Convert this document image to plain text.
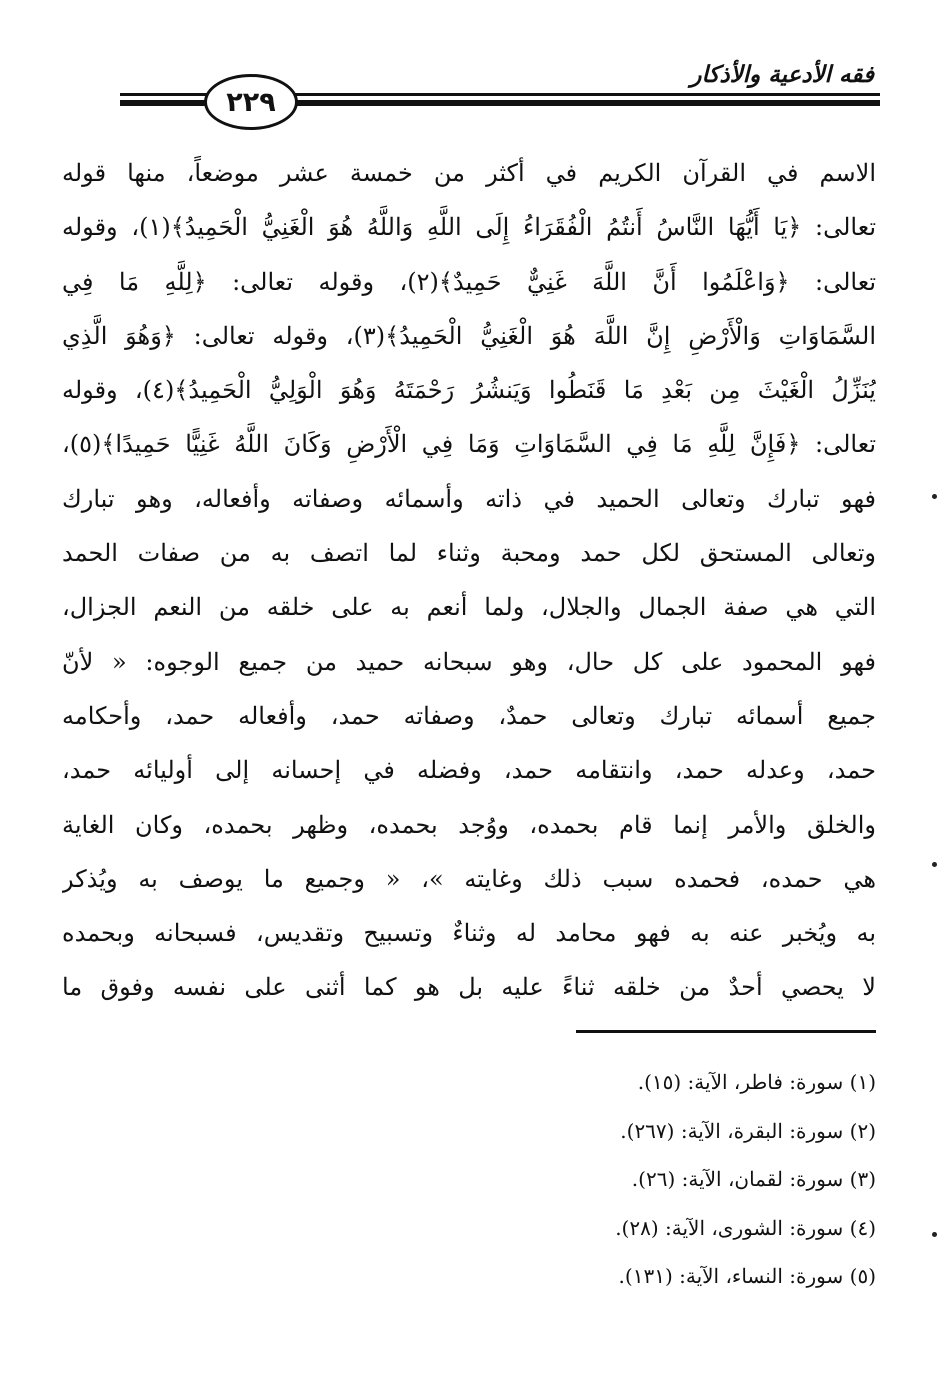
فقه الأدعية والأذكار
٢٢٩
الاسم في القرآن الكريم في أكثر من خمسة عشر موضعاً، منها قوله
تعالى: ﴿يَا أَيُّهَا النَّاسُ أَنتُمُ الْفُقَرَاءُ إِلَى اللَّهِ وَاللَّهُ هُوَ الْغَنِيُّ الْحَمِيدُ﴾(١)، وقوله
تعالى: ﴿وَاعْلَمُوا أَنَّ اللَّهَ غَنِيٌّ حَمِيدٌ﴾(٢)، وقوله تعالى: ﴿لِلَّهِ مَا فِي
السَّمَاوَاتِ وَالْأَرْضِ إِنَّ اللَّهَ هُوَ الْغَنِيُّ الْحَمِيدُ﴾(٣)، وقوله تعالى: ﴿وَهُوَ الَّذِي
يُنَزِّلُ الْغَيْثَ مِن بَعْدِ مَا قَنَطُوا وَيَنشُرُ رَحْمَتَهُ وَهُوَ الْوَلِيُّ الْحَمِيدُ﴾(٤)، وقوله
تعالى: ﴿فَإِنَّ لِلَّهِ مَا فِي السَّمَاوَاتِ وَمَا فِي الْأَرْضِ وَكَانَ اللَّهُ غَنِيًّا حَمِيدًا﴾(٥)،
فهو تبارك وتعالى الحميد في ذاته وأسمائه وصفاته وأفعاله، وهو تبارك
وتعالى المستحق لكل حمد ومحبة وثناء لما اتصف به من صفات الحمد
التي هي صفة الجمال والجلال، ولما أنعم به على خلقه من النعم الجزال،
فهو المحمود على كل حال، وهو سبحانه حميد من جميع الوجوه: « لأنّ
جميع أسمائه تبارك وتعالى حمدٌ، وصفاته حمد، وأفعاله حمد، وأحكامه
حمد، وعدله حمد، وانتقامه حمد، وفضله في إحسانه إلى أوليائه حمد،
والخلق والأمر إنما قام بحمده، ووُجد بحمده، وظهر بحمده، وكان الغاية
هي حمده، فحمده سبب ذلك وغايته »، « وجميع ما يوصف به ويُذكر
به ويُخبر عنه به فهو محامد له وثناءٌ وتسبيح وتقديس، فسبحانه وبحمده
لا يحصي أحدٌ من خلقه ثناءً عليه بل هو كما أثنى على نفسه وفوق ما
(١) سورة: فاطر، الآية: (١٥).
(٢) سورة: البقرة، الآية: (٢٦٧).
(٣) سورة: لقمان، الآية: (٢٦).
(٤) سورة: الشورى، الآية: (٢٨).
(٥) سورة: النساء، الآية: (١٣١).
